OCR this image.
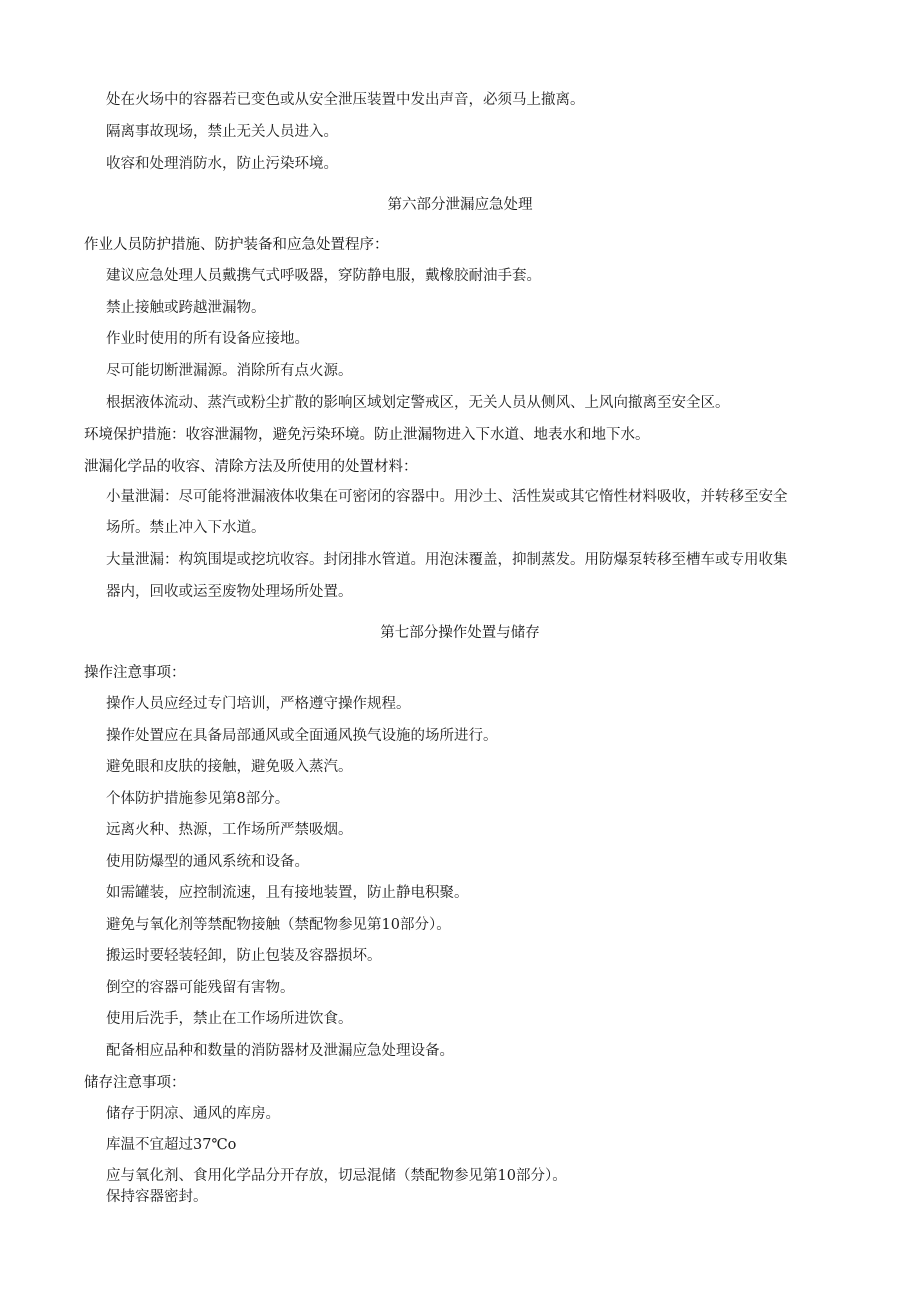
处在火场中的容器若已变色或从安全泄压装置中发出声音，必须马上撤离。
隔离事故现场，禁止无关人员进入。
收容和处理消防水，防止污染环境。
第六部分泄漏应急处理
作业人员防护措施、防护装备和应急处置程序：
建议应急处理人员戴携气式呼吸器，穿防静电服，戴橡胶耐油手套。
禁止接触或跨越泄漏物。
作业时使用的所有设备应接地。
尽可能切断泄漏源。消除所有点火源。
根据液体流动、蒸汽或粉尘扩散的影响区域划定警戒区，无关人员从侧风、上风向撤离至安全区。
环境保护措施：收容泄漏物，避免污染环境。防止泄漏物进入下水道、地表水和地下水。
泄漏化学品的收容、清除方法及所使用的处置材料：
小量泄漏：尽可能将泄漏液体收集在可密闭的容器中。用沙土、活性炭或其它惰性材料吸收，并转移至安全
场所。禁止冲入下水道。
大量泄漏：构筑围堤或挖坑收容。封闭排水管道。用泡沫覆盖，抑制蒸发。用防爆泵转移至槽车或专用收集
器内，回收或运至废物处理场所处置。
第七部分操作处置与储存
操作注意事项：
操作人员应经过专门培训，严格遵守操作规程。
操作处置应在具备局部通风或全面通风换气设施的场所进行。
避免眼和皮肤的接触，避免吸入蒸汽。
个体防护措施参见第8部分。
远离火种、热源，工作场所严禁吸烟。
使用防爆型的通风系统和设备。
如需罐装，应控制流速，且有接地装置，防止静电积聚。
避免与氧化剂等禁配物接触（禁配物参见第10部分）。
搬运时要轻装轻卸，防止包装及容器损坏。
倒空的容器可能残留有害物。
使用后洗手，禁止在工作场所进饮食。
配备相应品种和数量的消防器材及泄漏应急处理设备。
储存注意事项：
储存于阴凉、通风的库房。
库温不宜超过37℃o
应与氧化剂、食用化学品分开存放，切忌混储（禁配物参见第10部分）。
保持容器密封。
